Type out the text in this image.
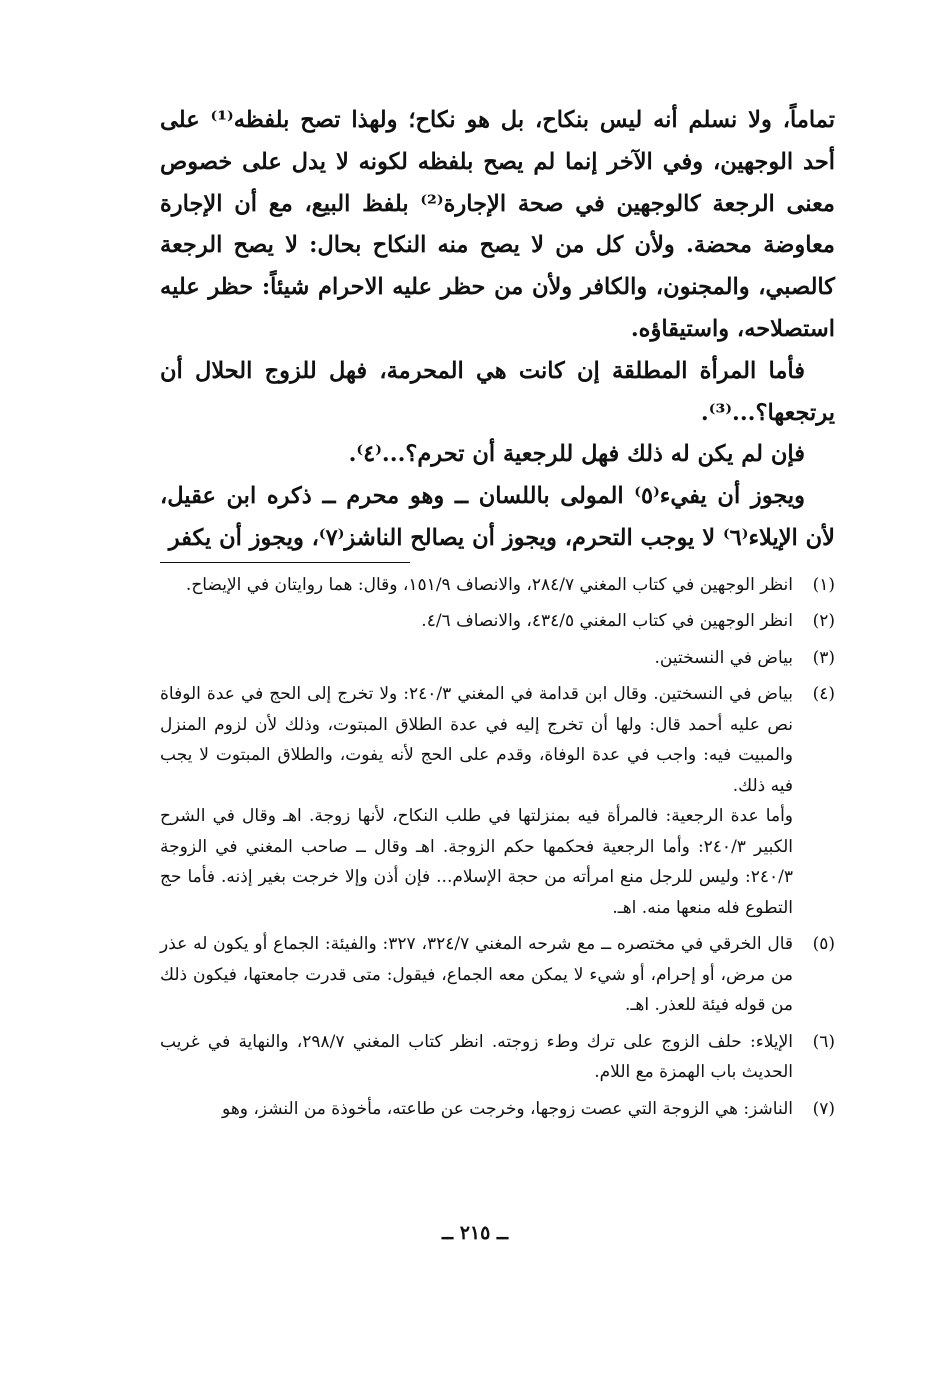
تماماً، ولا نسلم أنه ليس بنكاح، بل هو نكاح؛ ولهذا تصح بلفظه⁽¹⁾ على أحد الوجهين، وفي الآخر إنما لم يصح بلفظه لكونه لا يدل على خصوص معنى الرجعة كالوجهين في صحة الإجارة⁽²⁾ بلفظ البيع، مع أن الإجارة معاوضة محضة. ولأن كل من لا يصح منه النكاح بحال: لا يصح الرجعة كالصبي، والمجنون، والكافر ولأن من حظر عليه الاحرام شيئاً: حظر عليه استصلاحه، واستيقاؤه.

فأما المرأة المطلقة إن كانت هي المحرمة، فهل للزوج الحلال أن يرتجعها؟...⁽³⁾.

فإن لم يكن له ذلك فهل للرجعية أن تحرم؟...⁽٤⁾.

ويجوز أن يفيء⁽٥⁾ المولى باللسان ــ وهو محرم ــ ذكره ابن عقيل، لأن الإيلاء⁽٦⁾ لا يوجب التحرم، ويجوز أن يصالح الناشز⁽٧⁾، ويجوز أن يكفر

(١)

انظر الوجهين في كتاب المغني ٢٨٤/٧، والانصاف ١٥١/٩، وقال: هما روايتان في الإيضاح.

(٢)

انظر الوجهين في كتاب المغني ٤٣٤/٥، والانصاف ٤/٦.

(٣)

بياض في النسختين.

(٤)

بياض في النسختين. وقال ابن قدامة في المغني ٢٤٠/٣: ولا تخرج إلى الحج في عدة الوفاة نص عليه أحمد قال: ولها أن تخرج إليه في عدة الطلاق المبتوت، وذلك لأن لزوم المنزل والمبيت فيه: واجب في عدة الوفاة، وقدم على الحج لأنه يفوت، والطلاق المبتوت لا يجب فيه ذلك.

وأما عدة الرجعية: فالمرأة فيه بمنزلتها في طلب النكاح، لأنها زوجة. اهـ وقال في الشرح الكبير ٢٤٠/٣: وأما الرجعية فحكمها حكم الزوجة. اهـ وقال ــ صاحب المغني في الزوجة ٢٤٠/٣: وليس للرجل منع امرأته من حجة الإسلام... فإن أذن وإلا خرجت بغير إذنه. فأما حج التطوع فله منعها منه. اهـ.

(٥)

قال الخرقي في مختصره ــ مع شرحه المغني ٣٢٤/٧، ٣٢٧: والفيئة: الجماع أو يكون له عذر من مرض، أو إحرام، أو شيء لا يمكن معه الجماع، فيقول: متى قدرت جامعتها، فيكون ذلك من قوله فيئة للعذر. اهـ.

(٦)

الإيلاء: حلف الزوج على ترك وطء زوجته. انظر كتاب المغني ٢٩٨/٧، والنهاية في غريب الحديث باب الهمزة مع اللام.

(٧)

الناشز: هي الزوجة التي عصت زوجها، وخرجت عن طاعته، مأخوذة من النشز، وهو

ــ ٢١٥ ــ
